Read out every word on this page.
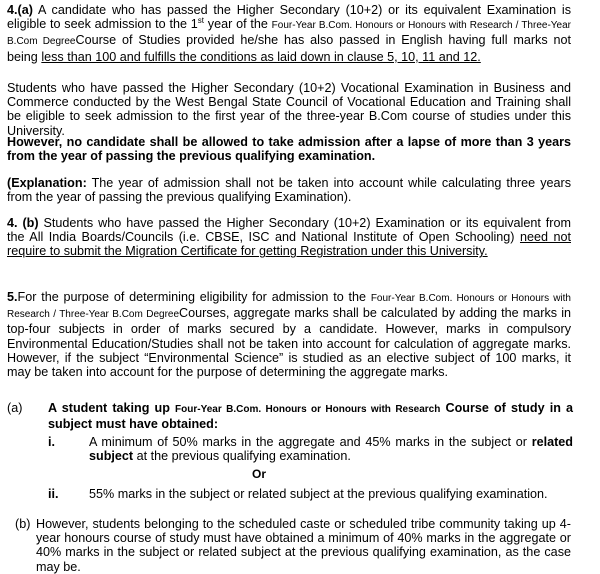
4.(a) A candidate who has passed the Higher Secondary (10+2) or its equivalent Examination is eligible to seek admission to the 1st year of the Four-Year B.Com. Honours or Honours with Research / Three-Year B.Com DegreeCourse of Studies provided he/she has also passed in English having full marks not being less than 100 and fulfills the conditions as laid down in clause 5, 10, 11 and 12.

Students who have passed the Higher Secondary (10+2) Vocational Examination in Business and Commerce conducted by the West Bengal State Council of Vocational Education and Training shall be eligible to seek admission to the first year of the three-year B.Com course of studies under this University.

However, no candidate shall be allowed to take admission after a lapse of more than 3 years from the year of passing the previous qualifying examination.

(Explanation: The year of admission shall not be taken into account while calculating three years from the year of passing the previous qualifying Examination).

4. (b) Students who have passed the Higher Secondary (10+2) Examination or its equivalent from the All India Boards/Councils (i.e. CBSE, ISC and National Institute of Open Schooling) need not require to submit the Migration Certificate for getting Registration under this University.

5.For the purpose of determining eligibility for admission to the Four-Year B.Com. Honours or Honours with Research / Three-Year B.Com DegreeCourses, aggregate marks shall be calculated by adding the marks in top-four subjects in order of marks secured by a candidate. However, marks in compulsory Environmental Education/Studies shall not be taken into account for calculation of aggregate marks. However, if the subject “Environmental Science” is studied as an elective subject of 100 marks, it may be taken into account for the purpose of determining the aggregate marks.

(a) A student taking up Four-Year B.Com. Honours or Honours with Research Course of study in a subject must have obtained:

i.	A minimum of 50% marks in the aggregate and 45% marks in the subject or related subject at the previous qualifying examination.

Or
ii. 55% marks in the subject or related subject at the previous qualifying examination.

(b) However, students belonging to the scheduled caste or scheduled tribe community taking up 4-year honours course of study must have obtained a minimum of 40% marks in the aggregate or 40% marks in the subject or related subject at the previous qualifying examination, as the case may be.
